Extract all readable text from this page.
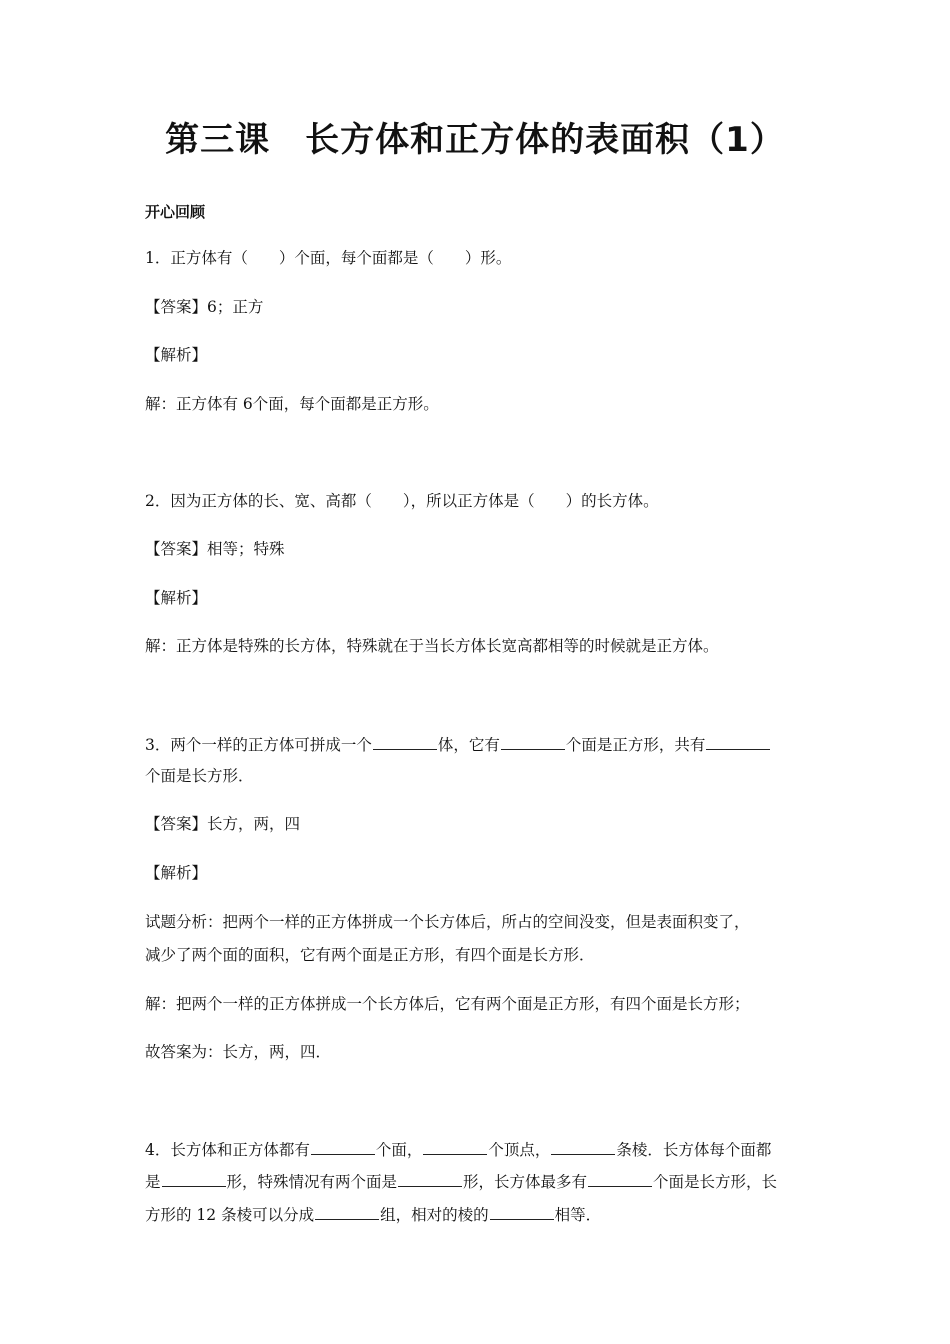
第三课　长方体和正方体的表面积（1）
开心回顾
1．正方体有（　　）个面，每个面都是（　　）形。
【答案】6；正方
【解析】
解：正方体有 6个面，每个面都是正方形。
2．因为正方体的长、宽、高都（　　），所以正方体是（　　）的长方体。
【答案】相等；特殊
【解析】
解：正方体是特殊的长方体，特殊就在于当长方体长宽高都相等的时候就是正方体。
3．两个一样的正方体可拼成一个	体，它有	个面是正方形，共有
个面是长方形．
【答案】长方，两，四
【解析】
试题分析：把两个一样的正方体拼成一个长方体后，所占的空间没变，但是表面积变了，
减少了两个面的面积，它有两个面是正方形，有四个面是长方形．
解：把两个一样的正方体拼成一个长方体后，它有两个面是正方形，有四个面是长方形；
故答案为：长方，两，四．
4．长方体和正方体都有	个面，	个顶点，	条棱．长方体每个面都
是	形，特殊情况有两个面是	形，长方体最多有	个面是长方形，长
方形的 12 条棱可以分成	组，相对的棱的	相等．
